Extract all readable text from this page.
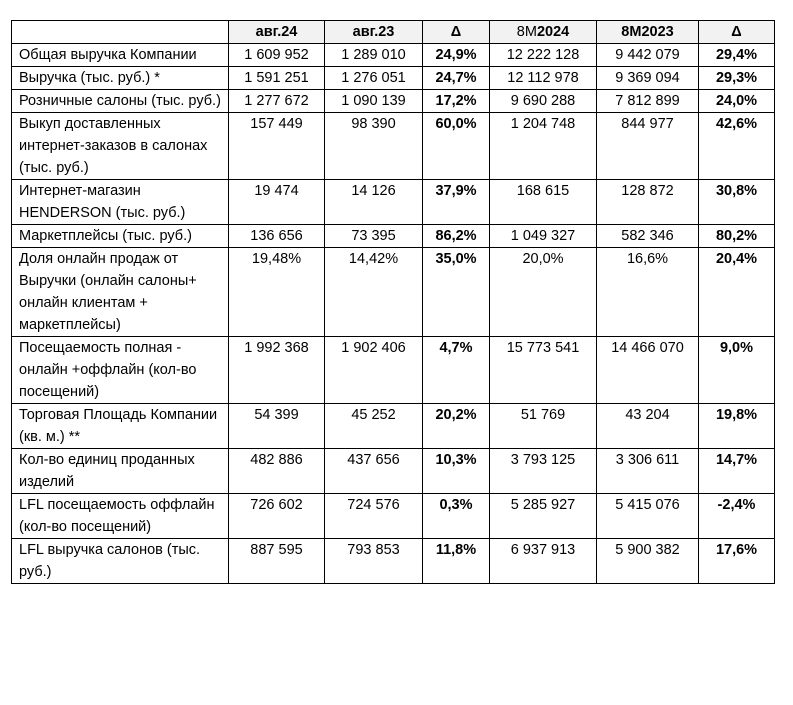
	авг.24	авг.23	Δ	8M2024	8M2023	Δ
Общая выручка Компании	1 609 952	1 289 010	24,9%	12 222 128	9 442 079	29,4%
Выручка (тыс. руб.) *	1 591 251	1 276 051	24,7%	12 112 978	9 369 094	29,3%
Розничные салоны (тыс. руб.)	1 277 672	1 090 139	17,2%	9 690 288	7 812 899	24,0%
Выкуп доставленных интернет-заказов в салонах (тыс. руб.)	157 449	98 390	60,0%	1 204 748	844 977	42,6%
Интернет-магазин HENDERSON (тыс. руб.)	19 474	14 126	37,9%	168 615	128 872	30,8%
Маркетплейсы (тыс. руб.)	136 656	73 395	86,2%	1 049 327	582 346	80,2%
Доля онлайн продаж от Выручки (онлайн салоны+ онлайн клиентам + маркетплейсы)	19,48%	14,42%	35,0%	20,0%	16,6%	20,4%
Посещаемость полная - онлайн +оффлайн (кол-во посещений)	1 992 368	1 902 406	4,7%	15 773 541	14 466 070	9,0%
Торговая Площадь Компании (кв. м.) **	54 399	45 252	20,2%	51 769	43 204	19,8%
Кол-во единиц проданных изделий	482 886	437 656	10,3%	3 793 125	3 306 611	14,7%
LFL посещаемость оффлайн (кол-во посещений)	726 602	724 576	0,3%	5 285 927	5 415 076	-2,4%
LFL выручка салонов (тыс. руб.)	887 595	793 853	11,8%	6 937 913	5 900 382	17,6%
